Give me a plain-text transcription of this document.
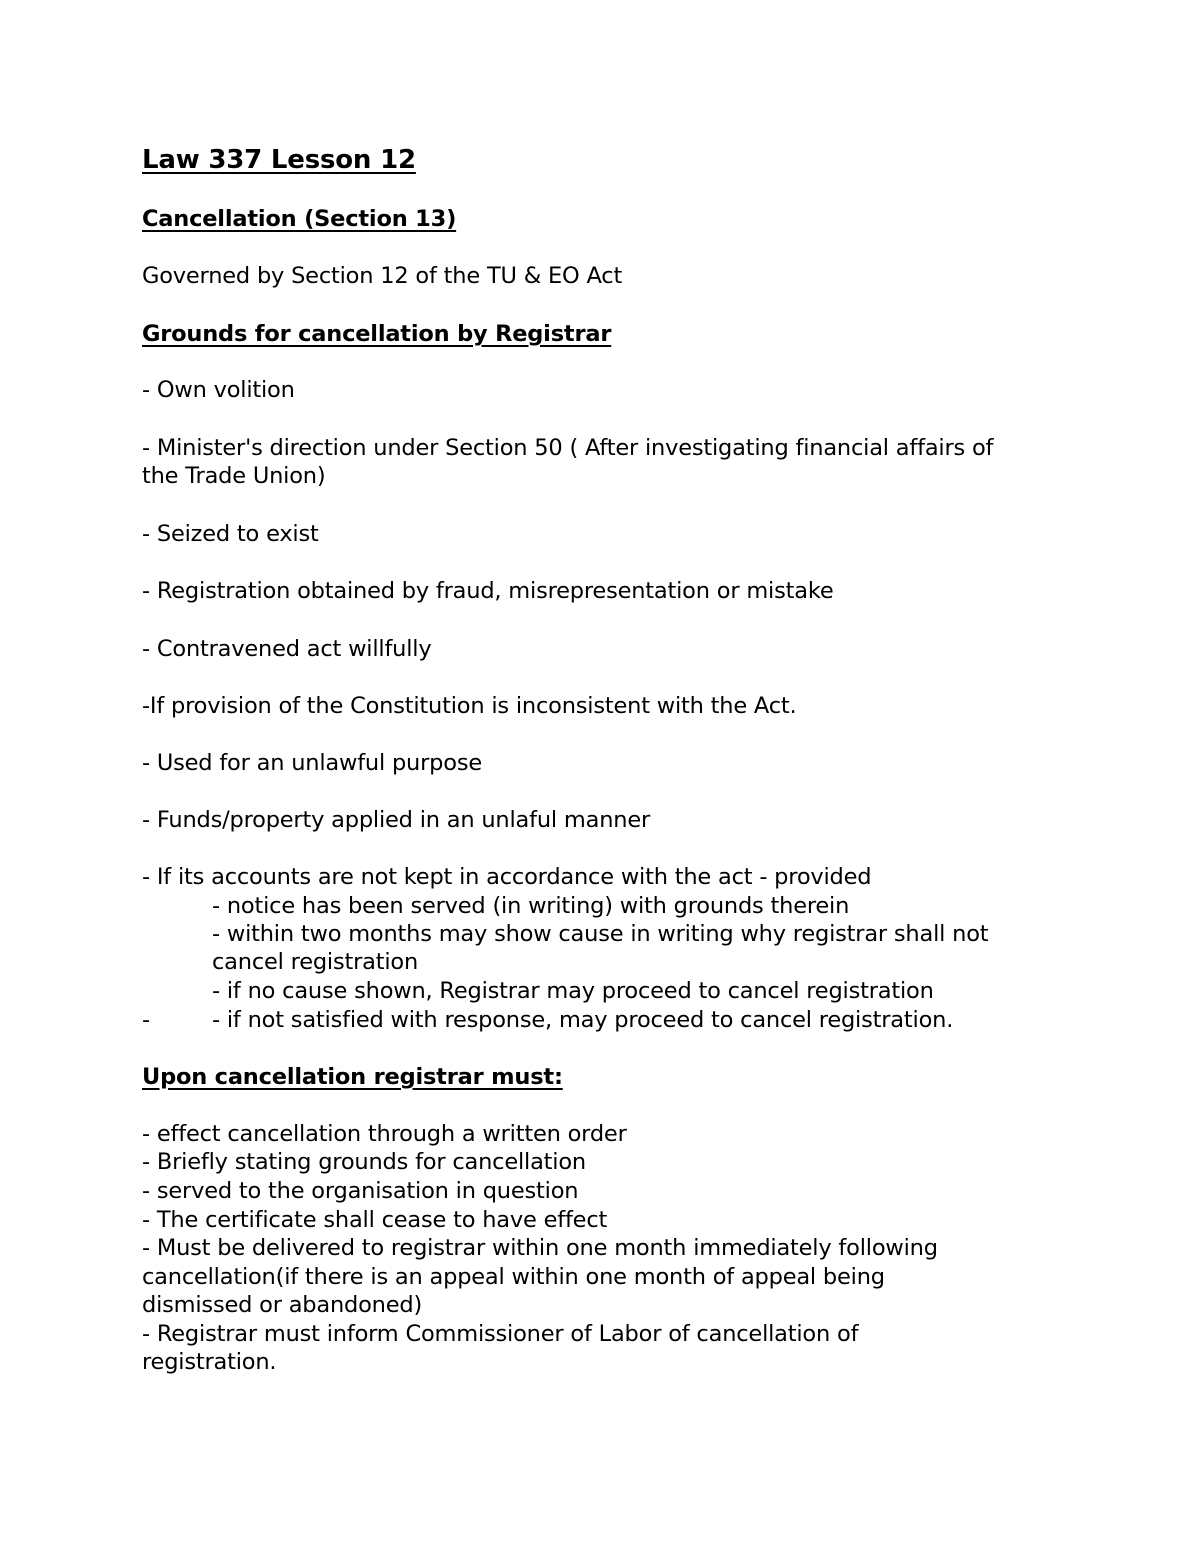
Law 337 Lesson 12
Cancellation (Section 13)
Governed by Section 12 of the TU & EO Act
Grounds for cancellation by Registrar
- Own volition
- Minister's direction under Section 50 ( After investigating financial affairs of
the Trade Union)
- Seized to exist
- Registration obtained by fraud, misrepresentation or mistake
- Contravened act willfully
-If provision of the Constitution is inconsistent with the Act.
- Used for an unlawful purpose
- Funds/property applied in an unlaful manner
- If its accounts are not kept in accordance with the act - provided
- notice has been served (in writing) with grounds therein
- within two months may show cause in writing why registrar shall not
cancel registration
- if no cause shown, Registrar may proceed to cancel registration
-	- if not satisfied with response, may proceed to cancel registration.
Upon cancellation registrar must:
- effect cancellation through a written order
- Briefly stating grounds for cancellation
- served to the organisation in question
- The certificate shall cease to have effect
- Must be delivered to registrar within one month immediately following
cancellation(if there is an appeal within one month of appeal being
dismissed or abandoned)
- Registrar must inform Commissioner of Labor of cancellation of
registration.
